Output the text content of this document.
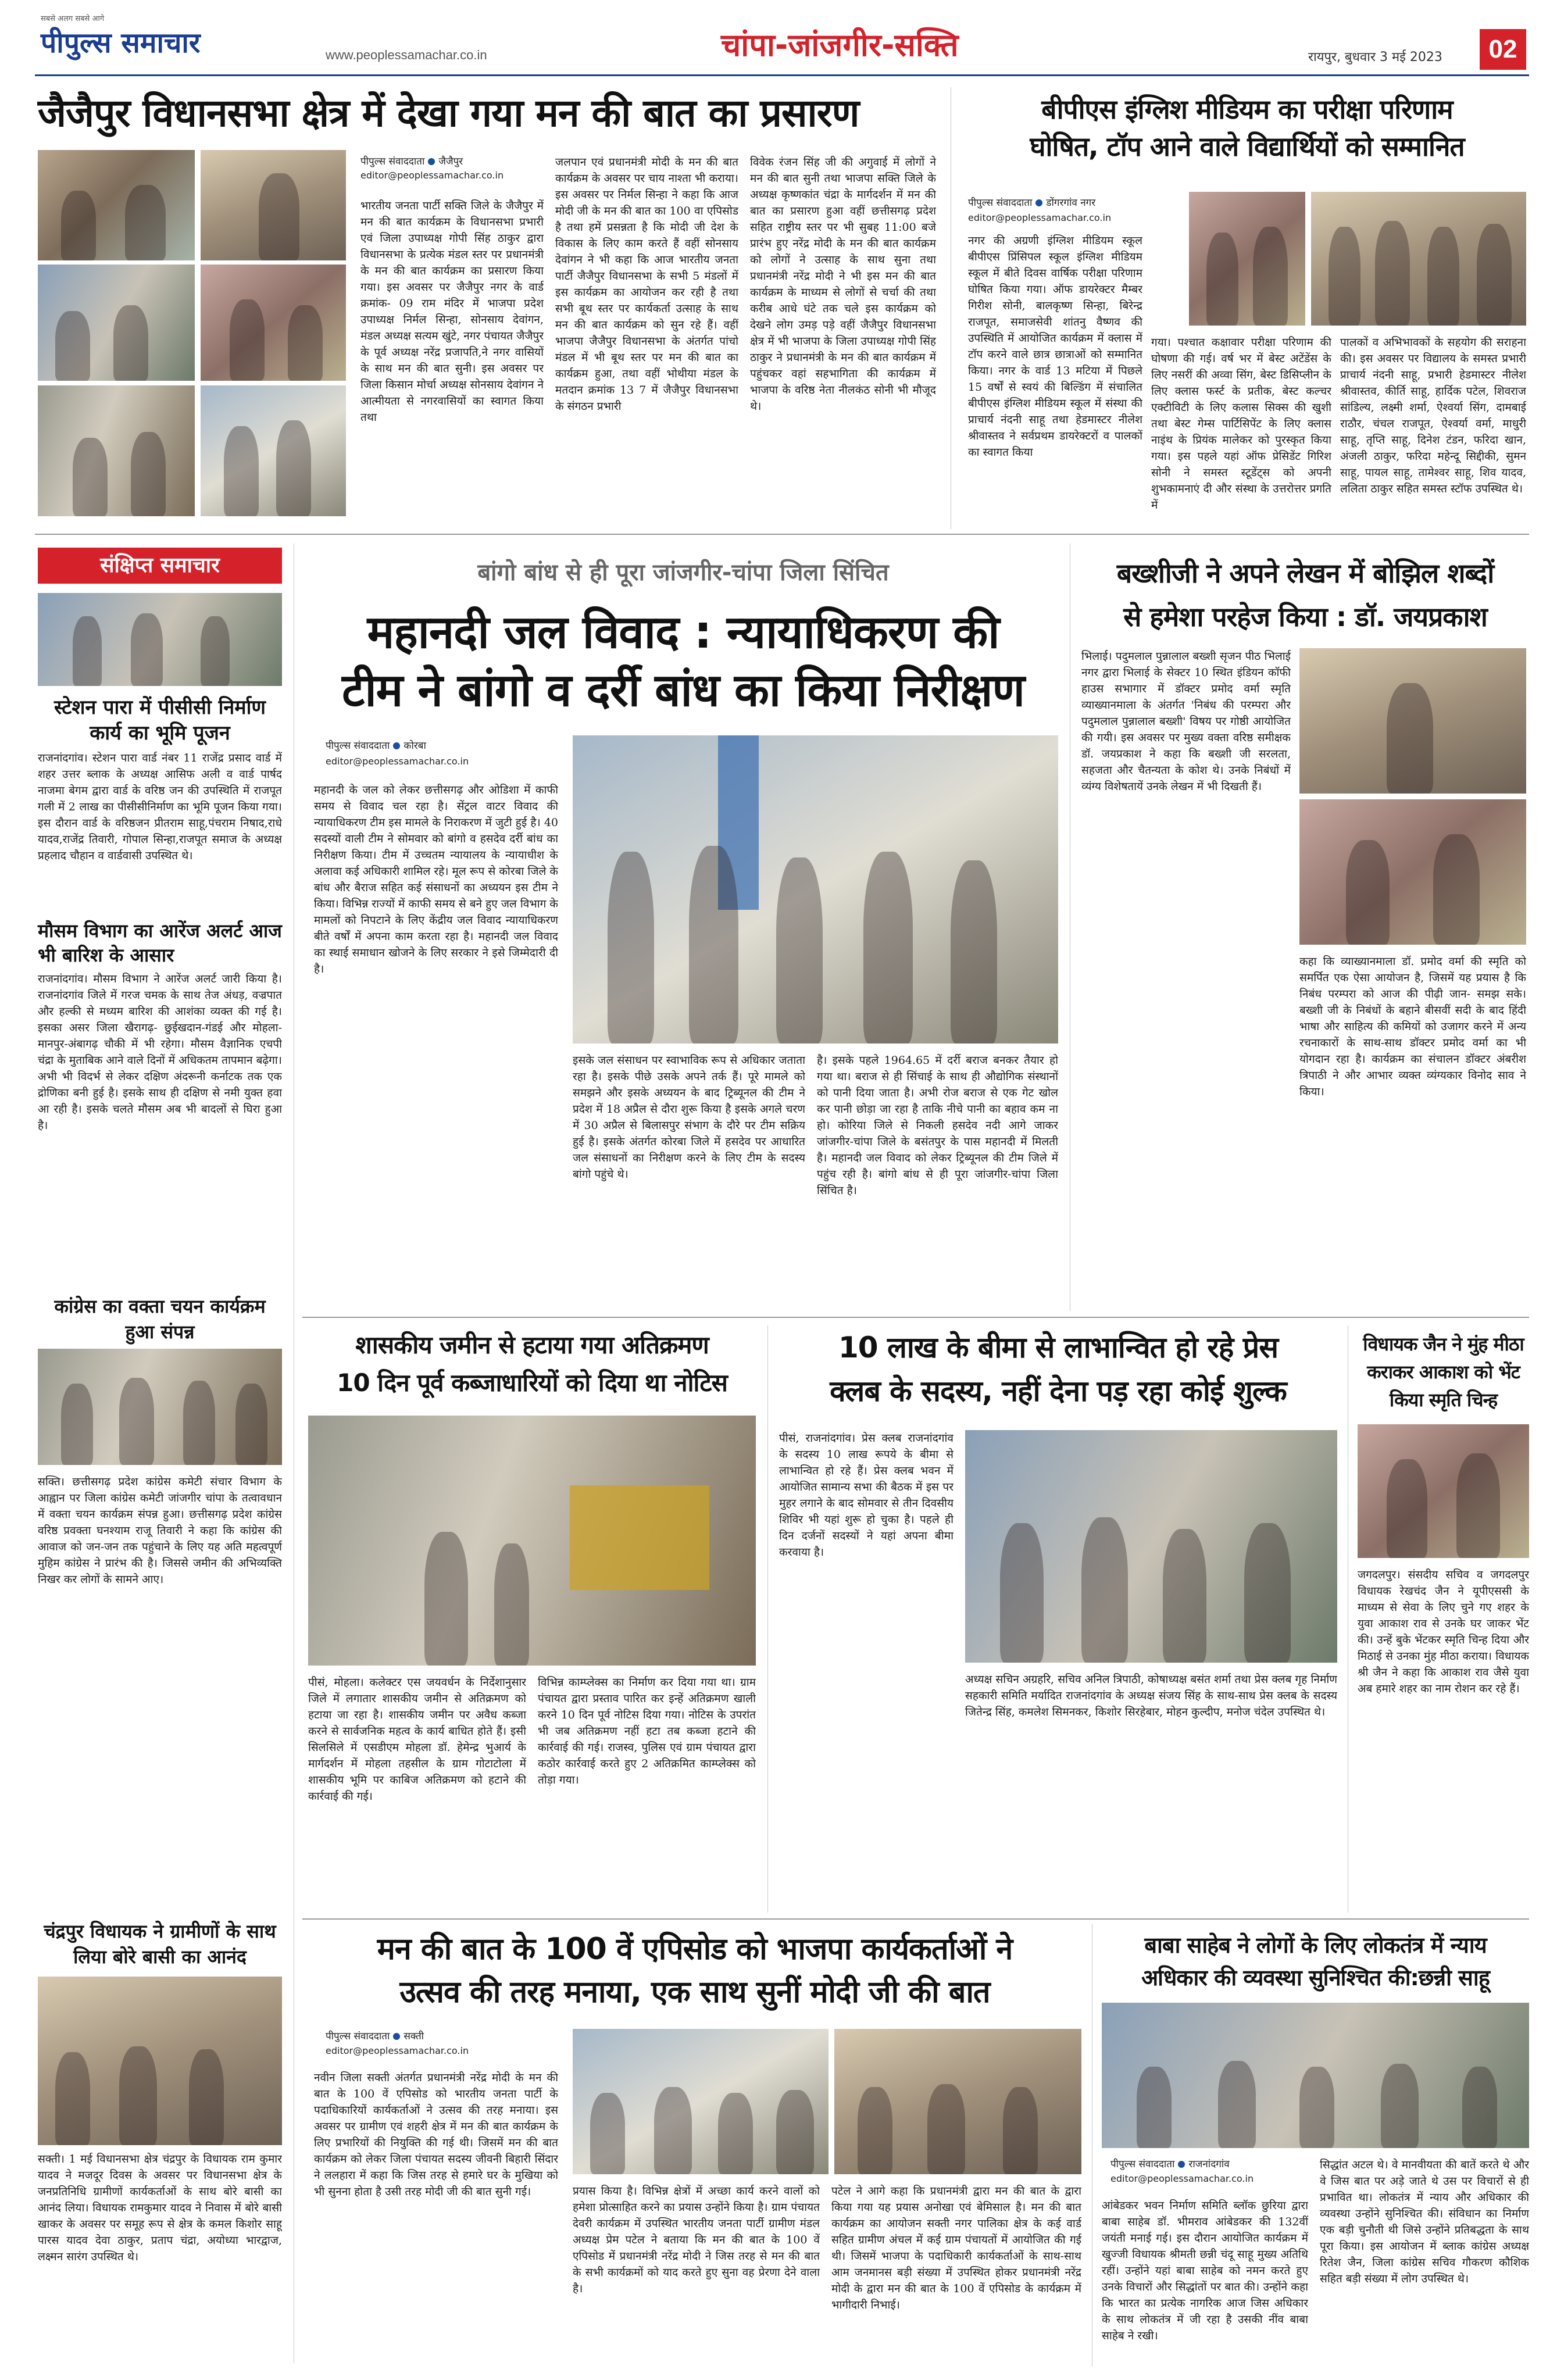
सबसे अलग सबसे आगे
पीपुल्स समाचार	www.peoplessamachar.co.in	चांपा-जांजगीर-सक्ति	रायपुर, बुधवार 3 मई 2023	02
जैजैपुर विधानसभा क्षेत्र में देखा गया मन की बात का प्रसारण
पीपुल्स संवाददाता जैजैपुर
editor@peoplessamachar.co.in
भारतीय जनता पार्टी सक्ति जिले के जैजैपुर में मन की बात कार्यक्रम के विधानसभा प्रभारी एवं जिला उपाध्यक्ष गोपी सिंह ठाकुर द्वारा विधानसभा के प्रत्येक मंडल स्तर पर प्रधानमंत्री के मन की बात कार्यक्रम का प्रसारण किया गया। इस अवसर पर जैजैपुर नगर के वार्ड क्रमांक- 09 राम मंदिर में भाजपा प्रदेश उपाध्यक्ष निर्मल सिन्हा, सोनसाय देवांगन, मंडल अध्यक्ष सत्यम खुंटे, नगर पंचायत जैजैपुर के पूर्व अध्यक्ष नरेंद्र प्रजापति,ने नगर वासियों के साथ मन की बात सुनी। इस अवसर पर जिला किसान मोर्चा अध्यक्ष सोनसाय देवांगन ने आत्मीयता से नगरवासियों का स्वागत किया तथा
जलपान एवं प्रधानमंत्री मोदी के मन की बात कार्यक्रम के अवसर पर चाय नाश्ता भी कराया। इस अवसर पर निर्मल सिन्हा ने कहा कि आज मोदी जी के मन की बात का 100 वा एपिसोड है तथा हमें प्रसन्नता है कि मोदी जी देश के विकास के लिए काम करते हैं वहीं सोनसाय देवांगन ने भी कहा कि आज भारतीय जनता पार्टी जैजैपुर विधानसभा के सभी 5 मंडलों में इस कार्यक्रम का आयोजन कर रही है तथा सभी बूथ स्तर पर कार्यकर्ता उत्साह के साथ मन की बात कार्यक्रम को सुन रहे हैं। वहीं भाजपा जैजैपुर विधानसभा के अंतर्गत पांचो मंडल में भी बूथ स्तर पर मन की बात का कार्यक्रम हुआ, तथा वहीं भोथीया मंडल के मतदान क्रमांक 13 7 में जैजैपुर विधानसभा के संगठन प्रभारी
विवेक रंजन सिंह जी की अगुवाई में लोगों ने मन की बात सुनी तथा भाजपा सक्ति जिले के अध्यक्ष कृष्णकांत चंद्रा के मार्गदर्शन में मन की बात का प्रसारण हुआ वहीं छत्तीसगढ़ प्रदेश सहित राष्ट्रीय स्तर पर भी सुबह 11:00 बजे प्रारंभ हुए नरेंद्र मोदी के मन की बात कार्यक्रम को लोगों ने उत्साह के साथ सुना तथा प्रधानमंत्री नरेंद्र मोदी ने भी इस मन की बात कार्यक्रम के माध्यम से लोगों से चर्चा की तथा करीब आधे घंटे तक चले इस कार्यक्रम को देखने लोग उमड़ पड़े वहीं जैजैपुर विधानसभा क्षेत्र में भी भाजपा के जिला उपाध्यक्ष गोपी सिंह ठाकुर ने प्रधानमंत्री के मन की बात कार्यक्रम में पहुंचकर वहां सहभागिता की कार्यक्रम में भाजपा के वरिष्ठ नेता नीलकंठ सोनी भी मौजूद थे।
बीपीएस इंग्लिश मीडियम का परीक्षा परिणाम
घोषित, टॉप आने वाले विद्यार्थियों को सम्मानित
पीपुल्स संवाददाता डोंगरगांव नगर
editor@peoplessamachar.co.in
नगर की अग्रणी इंग्लिश मीडियम स्कूल बीपीएस प्रिंसिपल स्कूल इंग्लिश मीडियम स्कूल में बीते दिवस वार्षिक परीक्षा परिणाम घोषित किया गया। ऑफ डायरेक्टर मैम्बर गिरीश सोनी, बालकृष्ण सिन्हा, बिरेन्द्र राजपूत, समाजसेवी शांतनु वैष्णव की उपस्थिति में आयोजित कार्यक्रम में क्लास में टॉप करने वाले छात्र छात्राओं को सम्मानित किया। नगर के वार्ड 13 मटिया में पिछले 15 वर्षों से स्वयं की बिल्डिंग में संचालित बीपीएस इंग्लिश मीडियम स्कूल में संस्था की प्राचार्य नंदनी साहू तथा हेडमास्टर नीलेश श्रीवास्तव ने सर्वप्रथम डायरेक्टरों व पालकों का स्वागत किया
गया। पश्चात कक्षावार परीक्षा परिणाम की घोषणा की गई। वर्ष भर में बेस्ट अटेंडेंस के लिए नसरीं की अव्वा सिंग, बेस्ट डिसिप्लीन के लिए क्लास फर्स्ट के प्रतीक, बेस्ट कल्चर एक्टीविटी के लिए कलास सिक्स की खुशी तथा बेस्ट गेम्स पार्टिसिपेंट के लिए क्लास नाइंथ के प्रियंक मालेकर को पुरस्कृत किया गया। इस पहले यहां ऑफ प्रेसिडेंट गिरिश सोनी ने समस्त स्टूडेंट्स को अपनी शुभकामनाएं दी और संस्था के उत्तरोत्तर प्रगति में
पालकों व अभिभावकों के सहयोग की सराहना की। इस अवसर पर विद्यालय के समस्त प्रभारी प्राचार्य नंदनी साहू, प्रभारी हेडमास्टर नीलेश श्रीवास्तव, कीर्ति साहू, हार्दिक पटेल, शिवराज सांडिल्य, लक्ष्मी शर्मा, ऐश्वर्या सिंग, दामबाई राठौर, चंचल राजपूत, ऐश्वर्या वर्मा, माधुरी साहू, तृप्ति साहू, दिनेश टंडन, फरिदा खान, अंजली ठाकुर, फरिदा महेन्दू सिद्दीकी, सुमन साहू, पायल साहू, तामेश्वर साहू, शिव यादव, ललिता ठाकुर सहित समस्त स्टॉफ उपस्थित थे।
संक्षिप्त समाचार
स्टेशन पारा में पीसीसी निर्माण कार्य का भूमि पूजन
राजनांदगांव। स्टेशन पारा वार्ड नंबर 11 राजेंद्र प्रसाद वार्ड में शहर उत्तर ब्लाक के अध्यक्ष आसिफ अली व वार्ड पार्षद नाजमा बेगम द्वारा वार्ड के वरिष्ठ जन की उपस्थिति में राजपूत गली में 2 लाख का पीसीसीनिर्माण का भूमि पूजन किया गया। इस दौरान वार्ड के वरिष्ठजन प्रीतराम साहू,पंचराम निषाद,राधे यादव,राजेंद्र तिवारी, गोपाल सिन्हा,राजपूत समाज के अध्यक्ष प्रहलाद चौहान व वार्डवासी उपस्थित थे।
मौसम विभाग का आरेंज अलर्ट आज भी बारिश के आसार
राजनांदगांव। मौसम विभाग ने आरेंज अलर्ट जारी किया है। राजनांदगांव जिले में गरज चमक के साथ तेज अंधड़, वज्रपात और हल्की से मध्यम बारिश की आशंका व्यक्त की गई है। इसका असर जिला खैरागढ़- छुईखदान-गंडई और मोहला-मानपुर-अंबागढ़ चौकी में भी रहेगा। मौसम वैज्ञानिक एचपी चंद्रा के मुताबिक आने वाले दिनों में अधिकतम तापमान बढ़ेगा। अभी भी विदर्भ से लेकर दक्षिण अंदरूनी कर्नाटक तक एक द्रोणिका बनी हुई है। इसके साथ ही दक्षिण से नमी युक्त हवा आ रही है। इसके चलते मौसम अब भी बादलों से घिरा हुआ है।
कांग्रेस का वक्ता चयन कार्यक्रम हुआ संपन्न
सक्ति। छत्तीसगढ़ प्रदेश कांग्रेस कमेटी संचार विभाग के आह्वान पर जिला कांग्रेस कमेटी जांजगीर चांपा के तत्वावधान में वक्ता चयन कार्यक्रम संपन्न हुआ। छत्तीसगढ़ प्रदेश कांग्रेस वरिष्ठ प्रवक्ता घनश्याम राजू तिवारी ने कहा कि कांग्रेस की आवाज को जन-जन तक पहुंचाने के लिए यह अति महत्वपूर्ण मुहिम कांग्रेस ने प्रारंभ की है। जिससे जमीन की अभिव्यक्ति निखर कर लोगों के सामने आए।
चंद्रपुर विधायक ने ग्रामीणों के साथ लिया बोरे बासी का आनंद
सक्ती। 1 मई विधानसभा क्षेत्र चंद्रपुर के विधायक राम कुमार यादव ने मजदूर दिवस के अवसर पर विधानसभा क्षेत्र के जनप्रतिनिधि ग्रामीणों कार्यकर्ताओं के साथ बोरे बासी का आनंद लिया। विधायक रामकुमार यादव ने निवास में बोरे बासी खाकर के अवसर पर समूह रूप से क्षेत्र के कमल किशोर साहू पारस यादव देवा ठाकुर, प्रताप चंद्रा, अयोध्या भारद्वाज, लक्ष्मन सारंग उपस्थित थे।
बांगो बांध से ही पूरा जांजगीर-चांपा जिला सिंचित
महानदी जल विवाद : न्यायाधिकरण की
टीम ने बांगो व दर्री बांध का किया निरीक्षण
पीपुल्स संवाददाता कोरबा
editor@peoplessamachar.co.in
महानदी के जल को लेकर छत्तीसगढ़ और ओडिशा में काफी समय से विवाद चल रहा है। सेंट्रल वाटर विवाद की न्यायाधिकरण टीम इस मामले के निराकरण में जुटी हुई है। 40 सदस्यों वाली टीम ने सोमवार को बांगो व हसदेव दर्री बांध का निरीक्षण किया। टीम में उच्चतम न्यायालय के न्यायाधीश के अलावा कई अधिकारी शामिल रहे। मूल रूप से कोरबा जिले के बांध और बैराज सहित कई संसाधनों का अध्ययन इस टीम ने किया। विभिन्न राज्यों में काफी समय से बने हुए जल विभाग के मामलों को निपटाने के लिए केंद्रीय जल विवाद न्यायाधिकरण बीते वर्षों में अपना काम करता रहा है। महानदी जल विवाद का स्थाई समाधान खोजने के लिए सरकार ने इसे जिम्मेदारी दी है।
इसके जल संसाधन पर स्वाभाविक रूप से अधिकार जताता रहा है। इसके पीछे उसके अपने तर्क हैं। पूरे मामले को समझने और इसके अध्ययन के बाद ट्रिब्यूनल की टीम ने प्रदेश में 18 अप्रैल से दौरा शुरू किया है इसके अगले चरण में 30 अप्रैल से बिलासपुर संभाग के दौरे पर टीम सक्रिय हुई है। इसके अंतर्गत कोरबा जिले में हसदेव पर आधारित जल संसाधनों का निरीक्षण करने के लिए टीम के सदस्य बांगो पहुंचे थे।
है। इसके पहले 1964.65 में दर्री बराज बनकर तैयार हो गया था। बराज से ही सिंचाई के साथ ही औद्योगिक संस्थानों को पानी दिया जाता है। अभी रोज बराज से एक गेट खोल कर पानी छोड़ा जा रहा है ताकि नीचे पानी का बहाव कम ना हो। कोरिया जिले से निकली हसदेव नदी आगे जाकर जांजगीर-चांपा जिले के बसंतपुर के पास महानदी में मिलती है। महानदी जल विवाद को लेकर ट्रिब्यूनल की टीम जिले में पहुंच रही है। बांगो बांध से ही पूरा जांजगीर-चांपा जिला सिंचित है।
बख्शीजी ने अपने लेखन में बोझिल शब्दों
से हमेशा परहेज किया : डॉ. जयप्रकाश
भिलाई। पदुमलाल पुन्नालाल बख्शी सृजन पीठ भिलाई नगर द्वारा भिलाई के सेक्टर 10 स्थित इंडियन कॉफी हाउस सभागार में डॉक्टर प्रमोद वर्मा स्मृति व्याख्यानमाला के अंतर्गत 'निबंध की परम्परा और पदुमलाल पुन्नालाल बख्शी' विषय पर गोष्ठी आयोजित की गयी। इस अवसर पर मुख्य वक्ता वरिष्ठ समीक्षक डॉ. जयप्रकाश ने कहा कि बख्शी जी सरलता, सहजता और चैतन्यता के कोश थे। उनके निबंधों में व्यंग्य विशेषतायें उनके लेखन में भी दिखती हैं।
कहा कि व्याख्यानमाला डॉ. प्रमोद वर्मा की स्मृति को समर्पित एक ऐसा आयोजन है, जिसमें यह प्रयास है कि निबंध परम्परा को आज की पीढ़ी जान- समझ सके। बख्शी जी के निबंधों के बहाने बीसवीं सदी के बाद हिंदी भाषा और साहित्य की कमियों को उजागर करने में अन्य रचनाकारों के साथ-साथ डॉक्टर प्रमोद वर्मा का भी योगदान रहा है। कार्यक्रम का संचालन डॉक्टर अंबरीश त्रिपाठी ने और आभार व्यक्त व्यंग्यकार विनोद साव ने किया।
शासकीय जमीन से हटाया गया अतिक्रमण
10 दिन पूर्व कब्जाधारियों को दिया था नोटिस
पीसं, मोहला। कलेक्टर एस जयवर्धन के निर्देशानुसार जिले में लगातार शासकीय जमीन से अतिक्रमण को हटाया जा रहा है। शासकीय जमीन पर अवैध कब्जा करने से सार्वजनिक महत्व के कार्य बाधित होते हैं। इसी सिलसिले में एसडीएम मोहला डॉ. हेमेन्द्र भुआर्य के मार्गदर्शन में मोहला तहसील के ग्राम गोटाटोला में शासकीय भूमि पर काबिज अतिक्रमण को हटाने की कार्रवाई की गई।
विभिन्न काम्प्लेक्स का निर्माण कर दिया गया था। ग्राम पंचायत द्वारा प्रस्ताव पारित कर इन्हें अतिक्रमण खाली करने 10 दिन पूर्व नोटिस दिया गया। नोटिस के उपरांत भी जब अतिक्रमण नहीं हटा तब कब्जा हटाने की कार्रवाई की गई। राजस्व, पुलिस एवं ग्राम पंचायत द्वारा कठोर कार्रवाई करते हुए 2 अतिक्रमित काम्प्लेक्स को तोड़ा गया।
10 लाख के बीमा से लाभान्वित हो रहे प्रेस
क्लब के सदस्य, नहीं देना पड़ रहा कोई शुल्क
पीसं, राजनांदगांव। प्रेस क्लब राजनांदगांव के सदस्य 10 लाख रूपये के बीमा से लाभान्वित हो रहे हैं। प्रेस क्लब भवन में आयोजित सामान्य सभा की बैठक में इस पर मुहर लगाने के बाद सोमवार से तीन दिवसीय शिविर भी यहां शुरू हो चुका है। पहले ही दिन दर्जनों सदस्यों ने यहां अपना बीमा करवाया है।
अध्यक्ष सचिन अग्रहरि, सचिव अनिल त्रिपाठी, कोषाध्यक्ष बसंत शर्मा तथा प्रेस क्लब गृह निर्माण सहकारी समिति मर्यादित राजनांदगांव के अध्यक्ष संजय सिंह के साथ-साथ प्रेस क्लब के सदस्य जितेन्द्र सिंह, कमलेश सिमनकर, किशोर सिरहेबार, मोहन कुल्दीप, मनोज चंदेल उपस्थित थे।
विधायक जैन ने मुंह मीठा
कराकर आकाश को भेंट
किया स्मृति चिन्ह
जगदलपुर। संसदीय सचिव व जगदलपुर विधायक रेखचंद जैन ने यूपीएससी के माध्यम से सेवा के लिए चुने गए शहर के युवा आकाश राव से उनके घर जाकर भेंट की। उन्हें बुके भेंटकर स्मृति चिन्ह दिया और मिठाई से उनका मुंह मीठा कराया। विधायक श्री जैन ने कहा कि आकाश राव जैसे युवा अब हमारे शहर का नाम रोशन कर रहे हैं।
मन की बात के 100 वें एपिसोड को भाजपा कार्यकर्ताओं ने
उत्सव की तरह मनाया, एक साथ सुनीं मोदी जी की बात
पीपुल्स संवाददाता सक्ती
editor@peoplessamachar.co.in
नवीन जिला सक्ती अंतर्गत प्रधानमंत्री नरेंद्र मोदी के मन की बात के 100 वें एपिसोड को भारतीय जनता पार्टी के पदाधिकारियों कार्यकर्ताओं ने उत्सव की तरह मनाया। इस अवसर पर ग्रामीण एवं शहरी क्षेत्र में मन की बात कार्यक्रम के लिए प्रभारियों की नियुक्ति की गई थी। जिसमें मन की बात कार्यक्रम को लेकर जिला पंचायत सदस्य जीवनी बिहारी सिंदार ने ललहारा में कहा कि जिस तरह से हमारे घर के मुखिया को भी सुनना होता है उसी तरह मोदी जी की बात सुनी गई।	प्रयास किया है। विभिन्न क्षेत्रों में अच्छा कार्य करने वालों को हमेशा प्रोत्साहित करने का प्रयास उन्होंने किया है। ग्राम पंचायत देवरी कार्यक्रम में उपस्थित भारतीय जनता पार्टी ग्रामीण मंडल अध्यक्ष प्रेम पटेल ने बताया कि मन की बात के 100 वें एपिसोड में प्रधानमंत्री नरेंद्र मोदी ने जिस तरह से मन की बात के सभी कार्यक्रमों को याद करते हुए सुना वह प्रेरणा देने वाला है।
पटेल ने आगे कहा कि प्रधानमंत्री द्वारा मन की बात के द्वारा किया गया यह प्रयास अनोखा एवं बेमिसाल है। मन की बात कार्यक्रम का आयोजन सक्ती नगर पालिका क्षेत्र के कई वार्ड सहित ग्रामीण अंचल में कई ग्राम पंचायतों में आयोजित की गई थी। जिसमें भाजपा के पदाधिकारी कार्यकर्ताओं के साथ-साथ आम जनमानस बड़ी संख्या में उपस्थित होकर प्रधानमंत्री नरेंद्र मोदी के द्वारा मन की बात के 100 वें एपिसोड के कार्यक्रम में भागीदारी निभाई।
बाबा साहेब ने लोगों के लिए लोकतंत्र में न्याय
अधिकार की व्यवस्था सुनिश्चित की:छन्नी साहू
पीपुल्स संवाददाता राजनांदगांव
editor@peoplessamachar.co.in
आंबेडकर भवन निर्माण समिति ब्लॉक छुरिया द्वारा बाबा साहेब डॉ. भीमराव आंबेडकर की 132वीं जयंती मनाई गई। इस दौरान आयोजित कार्यक्रम में खुज्जी विधायक श्रीमती छन्नी चंदू साहू मुख्य अतिथि रहीं। उन्होंने यहां बाबा साहेब को नमन करते हुए उनके विचारों और सिद्धांतों पर बात की। उन्होंने कहा कि भारत का प्रत्येक नागरिक आज जिस अधिकार के साथ लोकतंत्र में जी रहा है उसकी नींव बाबा साहेब ने रखी।
सिद्धांत अटल थे। वे मानवीयता की बातें करते थे और वे जिस बात पर अड़े जाते थे उस पर विचारों से ही प्रभावित था। लोकतंत्र में न्याय और अधिकार की व्यवस्था उन्होंने सुनिश्चित की। संविधान का निर्माण एक बड़ी चुनौती थी जिसे उन्होंने प्रतिबद्धता के साथ पूरा किया। इस आयोजन में ब्लाक कांग्रेस अध्यक्ष रितेश जैन, जिला कांग्रेस सचिव गौकरण कौशिक सहित बड़ी संख्या में लोग उपस्थित थे।
